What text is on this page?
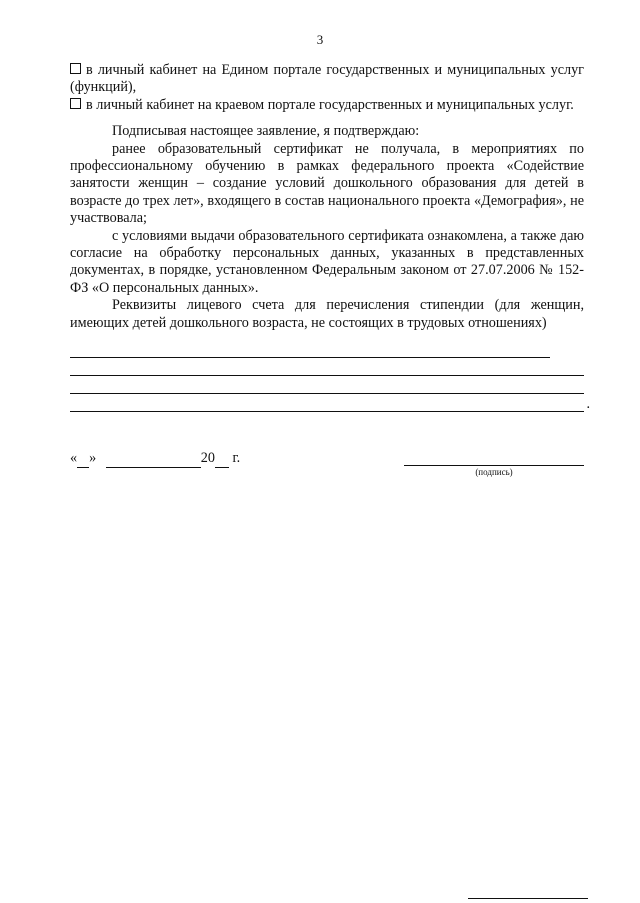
3

в личный кабинет на Едином портале государственных и муниципальных услуг (функций),

в личный кабинет на краевом портале государственных и муниципальных услуг.

Подписывая настоящее заявление, я подтверждаю:

ранее образовательный сертификат не получала, в мероприятиях по профессиональному обучению в рамках федерального проекта «Содействие занятости женщин – создание условий дошкольного образования для детей в возрасте до трех лет», входящего в состав национального проекта «Демография», не участвовала;

с условиями выдачи образовательного сертификата ознакомлена, а также даю согласие на обработку персональных данных, указанных в представленных документах, в порядке, установленном Федеральным законом от 27.07.2006 № 152-ФЗ «О персональных данных».

Реквизиты лицевого счета для перечисления стипендии (для женщин, имеющих детей дошкольного возраста, не состоящих в трудовых отношениях)

.
« »	20 г.
(подпись)
